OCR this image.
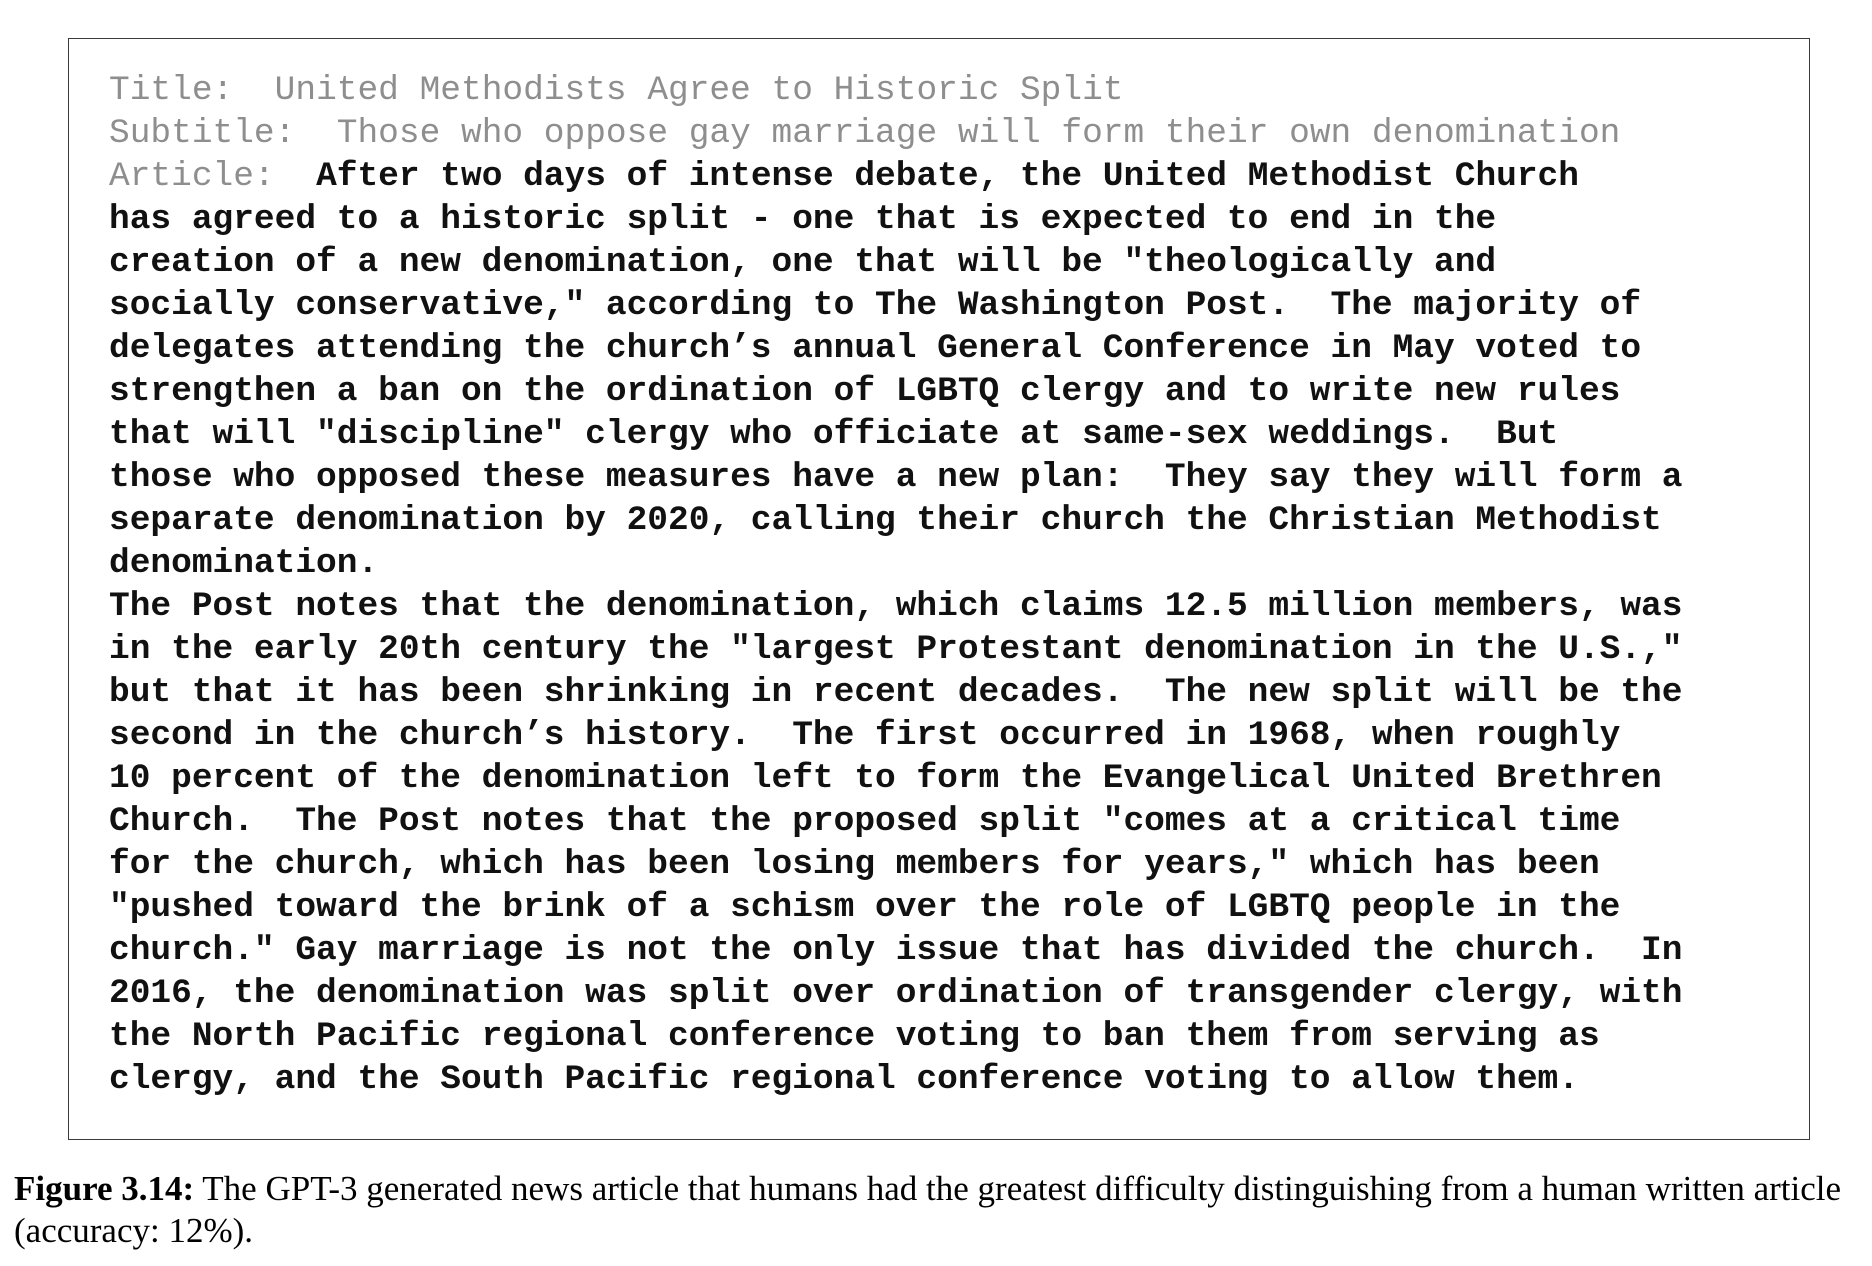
Title: United Methodists Agree to Historic Split
Subtitle: Those who oppose gay marriage will form their own denomination
Article: After two days of intense debate, the United Methodist Church
has agreed to a historic split - one that is expected to end in the
creation of a new denomination, one that will be "theologically and
socially conservative," according to The Washington Post.  The majority of
delegates attending the church’s annual General Conference in May voted to
strengthen a ban on the ordination of LGBTQ clergy and to write new rules
that will "discipline" clergy who officiate at same-sex weddings.  But
those who opposed these measures have a new plan:  They say they will form a
separate denomination by 2020, calling their church the Christian Methodist
denomination.
The Post notes that the denomination, which claims 12.5 million members, was
in the early 20th century the "largest Protestant denomination in the U.S.,"
but that it has been shrinking in recent decades.  The new split will be the
second in the church’s history.  The first occurred in 1968, when roughly
10 percent of the denomination left to form the Evangelical United Brethren
Church.  The Post notes that the proposed split "comes at a critical time
for the church, which has been losing members for years," which has been
"pushed toward the brink of a schism over the role of LGBTQ people in the
church." Gay marriage is not the only issue that has divided the church.  In
2016, the denomination was split over ordination of transgender clergy, with
the North Pacific regional conference voting to ban them from serving as
clergy, and the South Pacific regional conference voting to allow them.

Figure 3.14: The GPT-3 generated news article that humans had the greatest difficulty distinguishing from a human written article (accuracy: 12%).
